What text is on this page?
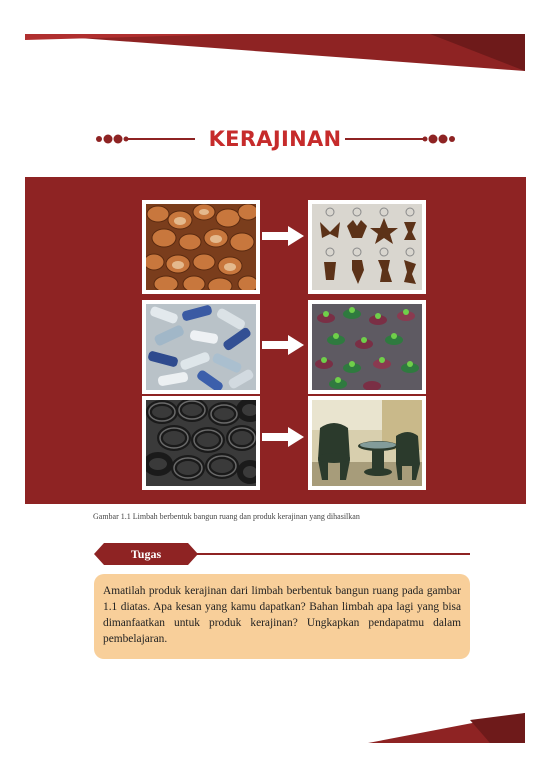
KERAJINAN
Gambar 1.1 Limbah berbentuk bangun ruang dan produk kerajinan yang dihasilkan
Tugas

Amatilah produk kerajinan dari limbah berbentuk bangun ruang pada gambar 1.1 diatas. Apa kesan yang kamu dapatkan? Bahan limbah apa lagi yang bisa dimanfaatkan untuk produk kerajinan? Ungkapkan pendapatmu dalam pembelajaran.
